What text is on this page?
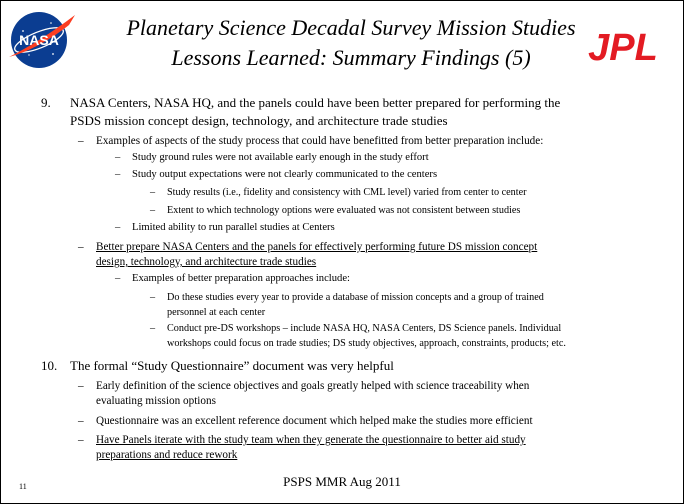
NASA	Planetary Science Decadal Survey Mission Studies
Lessons Learned: Summary Findings (5)	JPL
9. NASA Centers, NASA HQ, and the panels could have been better prepared for performing the
PSDS mission concept design, technology, and architecture trade studies
– Examples of aspects of the study process that could have benefitted from better preparation include:
– Study ground rules were not available early enough in the study effort
– Study output expectations were not clearly communicated to the centers
– Study results (i.e., fidelity and consistency with CML level) varied from center to center
– Extent to which technology options were evaluated was not consistent between studies
– Limited ability to run parallel studies at Centers
– Better prepare NASA Centers and the panels for effectively performing future DS mission concept
design, technology, and architecture trade studies
– Examples of better preparation approaches include:
– Do these studies every year to provide a database of mission concepts and a group of trained
personnel at each center
– Conduct pre-DS workshops – include NASA HQ, NASA Centers, DS Science panels. Individual
workshops could focus on trade studies; DS study objectives, approach, constraints, products; etc.
10. The formal “Study Questionnaire” document was very helpful
– Early definition of the science objectives and goals greatly helped with science traceability when
evaluating mission options
– Questionnaire was an excellent reference document which helped make the studies more efficient
– Have Panels iterate with the study team when they generate the questionnaire to better aid study
preparations and reduce rework
11	PSPS MMR Aug 2011
